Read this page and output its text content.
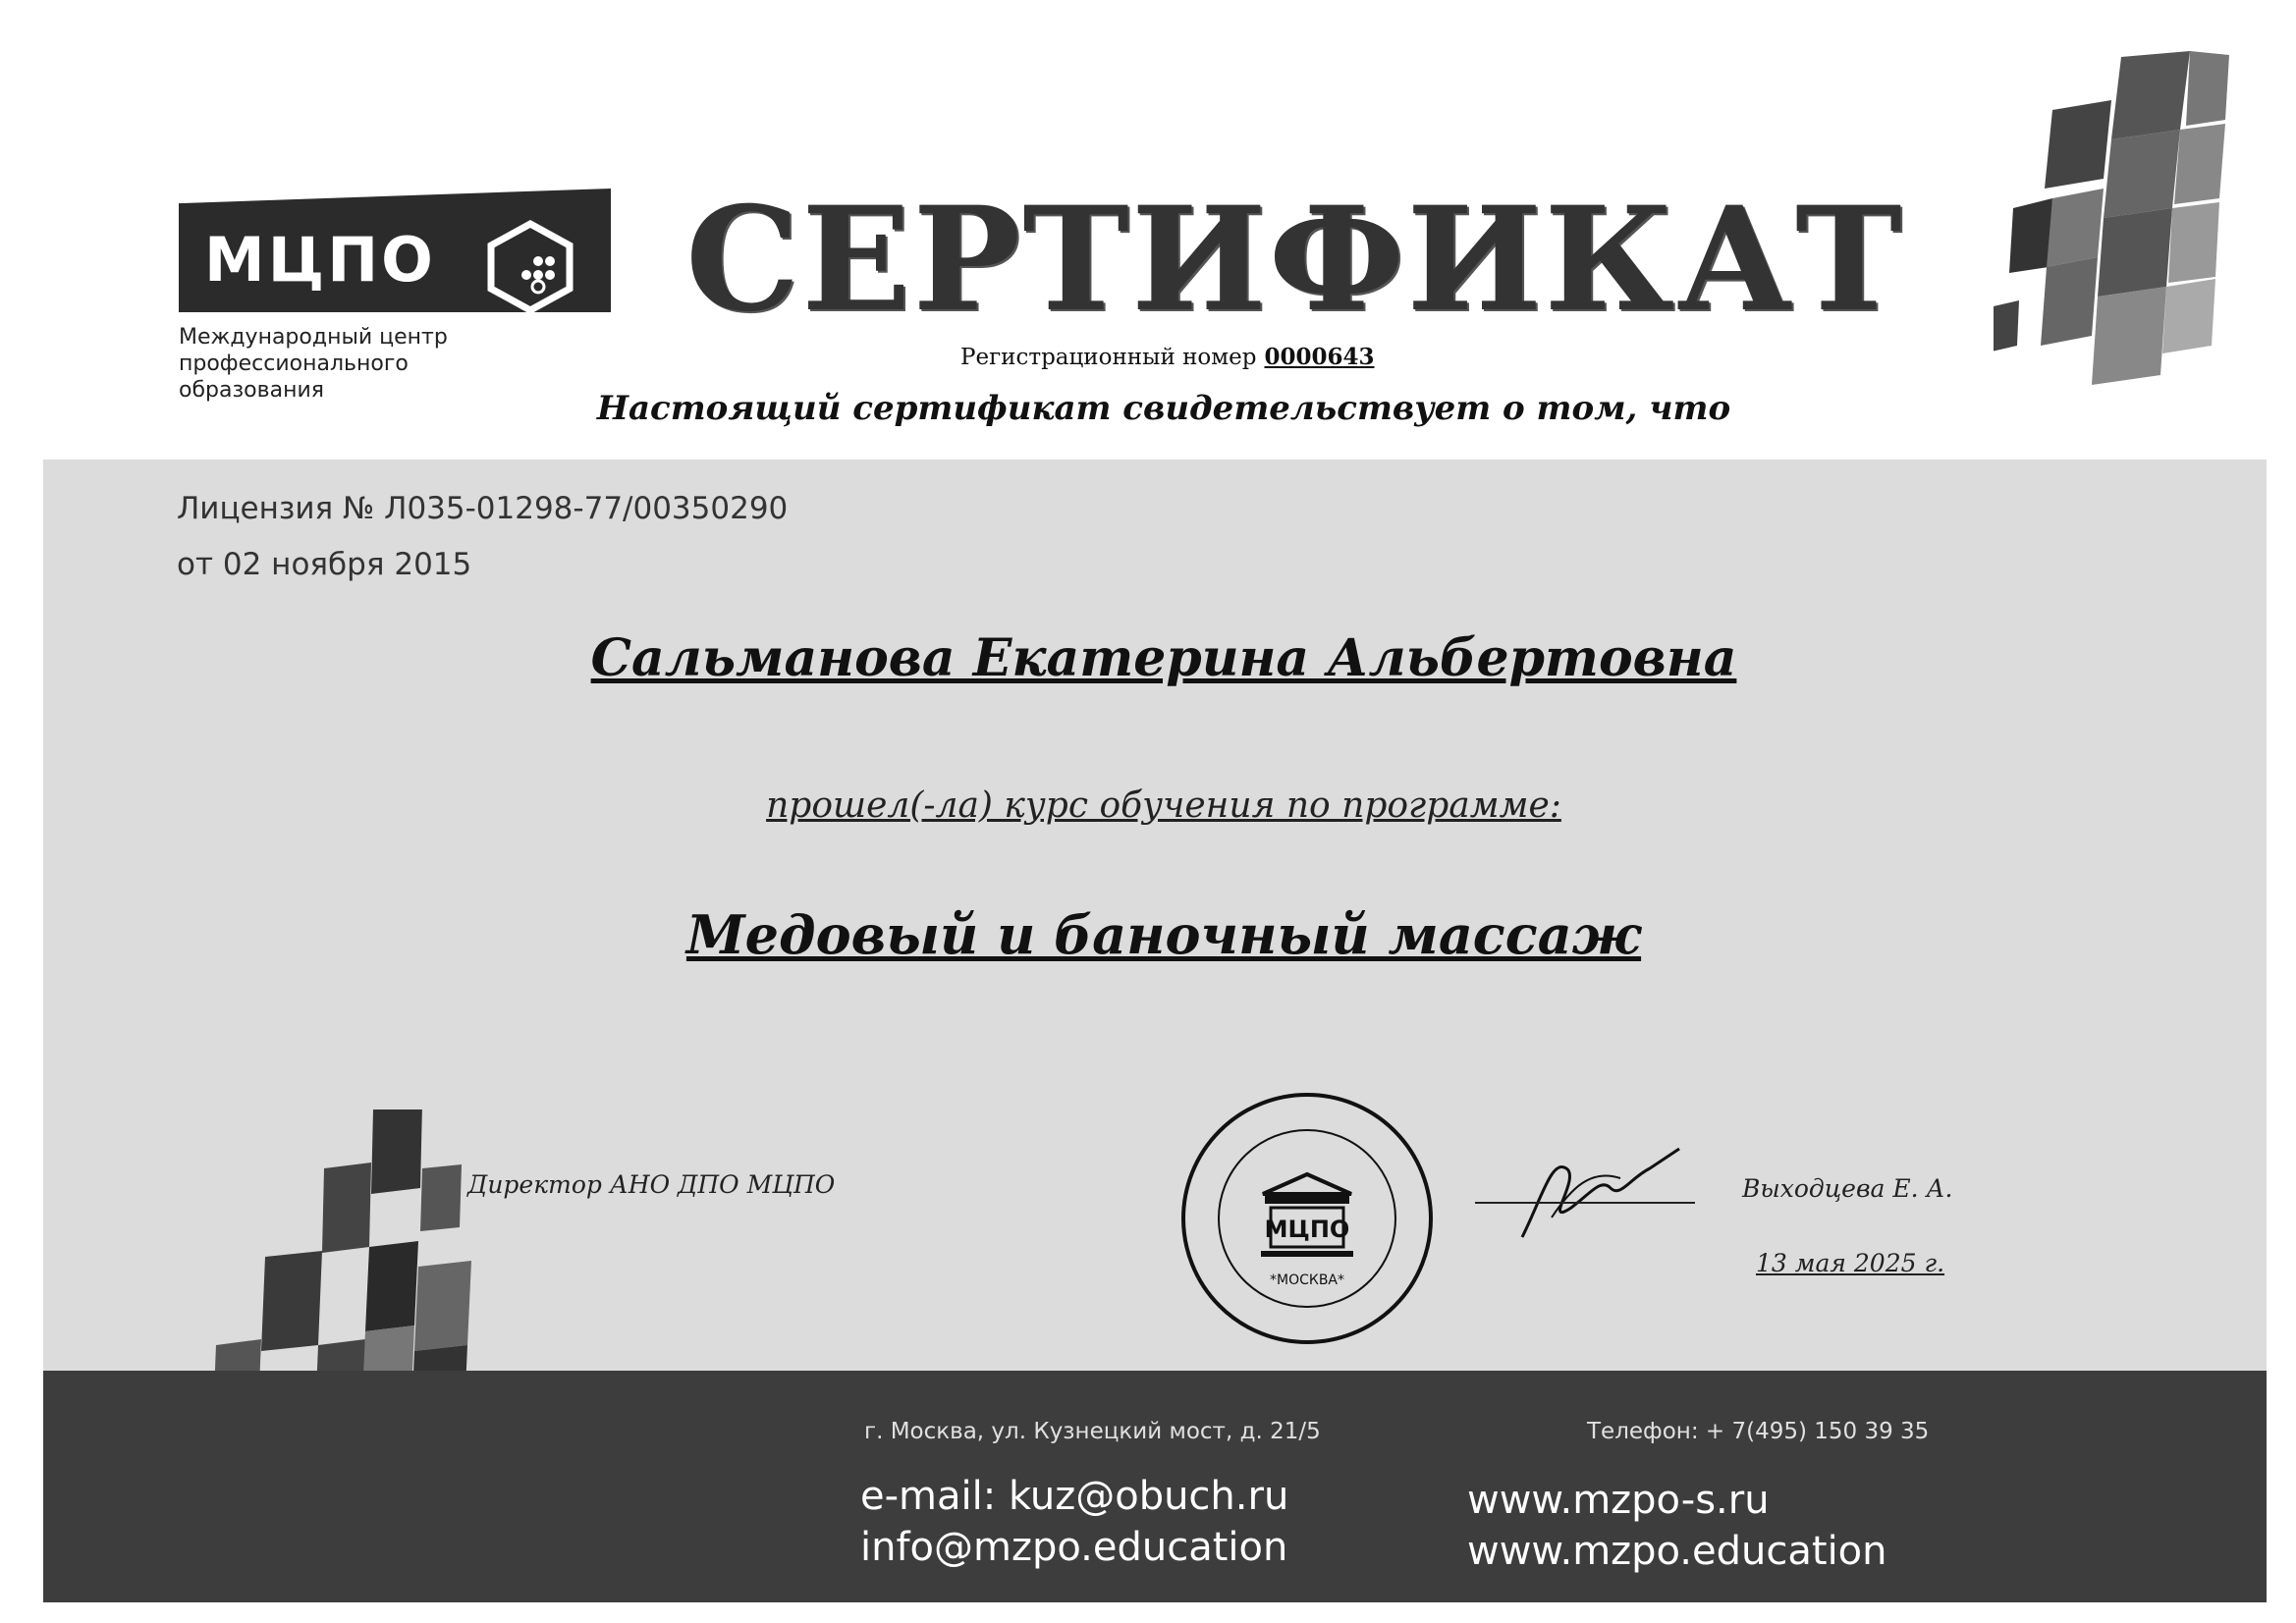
МЦПО
Международный центр
профессионального
образования
СЕРТИФИКАТ
Регистрационный номер 0000643
Настоящий сертификат свидетельствует о том, что
Лицензия № Л035-01298-77/00350290
от 02 ноября 2015
Сальманова Екатерина Альбертовна
прошел(-ла) курс обучения по программе:
Медовый и баночный массаж
Директор АНО ДПО МЦПО
МЦПО
*МОСКВА*
Выходцева Е. А.
13 мая 2025 г.
г. Москва, ул. Кузнецкий мост, д. 21/5	Телефон: + 7(495) 150 39 35
e-mail: kuz@obuch.ru
info@mzpo.education
www.mzpo-s.ru
www.mzpo.education
